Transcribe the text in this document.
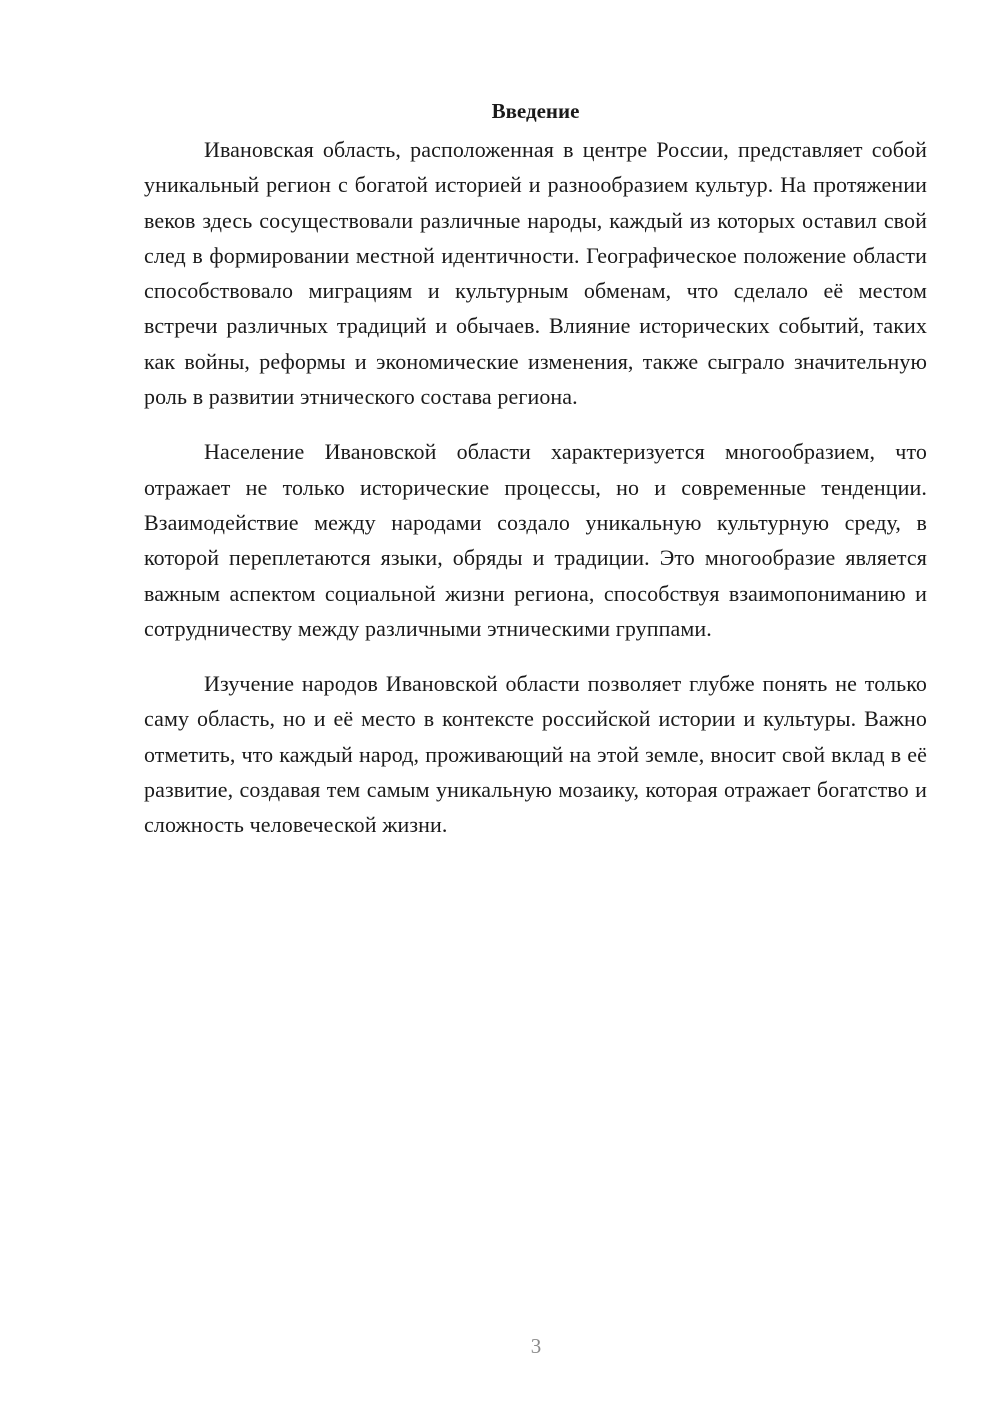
Введение

Ивановская область, расположенная в центре России, представляет собой уникальный регион с богатой историей и разнообразием культур. На протяжении веков здесь сосуществовали различные народы, каждый из которых оставил свой след в формировании местной идентичности. Географическое положение области способствовало миграциям и культурным обменам, что сделало её местом встречи различных традиций и обычаев. Влияние исторических событий, таких как войны, реформы и экономические изменения, также сыграло значительную роль в развитии этнического состава региона.

Население Ивановской области характеризуется многообразием, что отражает не только исторические процессы, но и современные тенденции. Взаимодействие между народами создало уникальную культурную среду, в которой переплетаются языки, обряды и традиции. Это многообразие является важным аспектом социальной жизни региона, способствуя взаимопониманию и сотрудничеству между различными этническими группами.

Изучение народов Ивановской области позволяет глубже понять не только саму область, но и её место в контексте российской истории и культуры. Важно отметить, что каждый народ, проживающий на этой земле, вносит свой вклад в её развитие, создавая тем самым уникальную мозаику, которая отражает богатство и сложность человеческой жизни.

3
